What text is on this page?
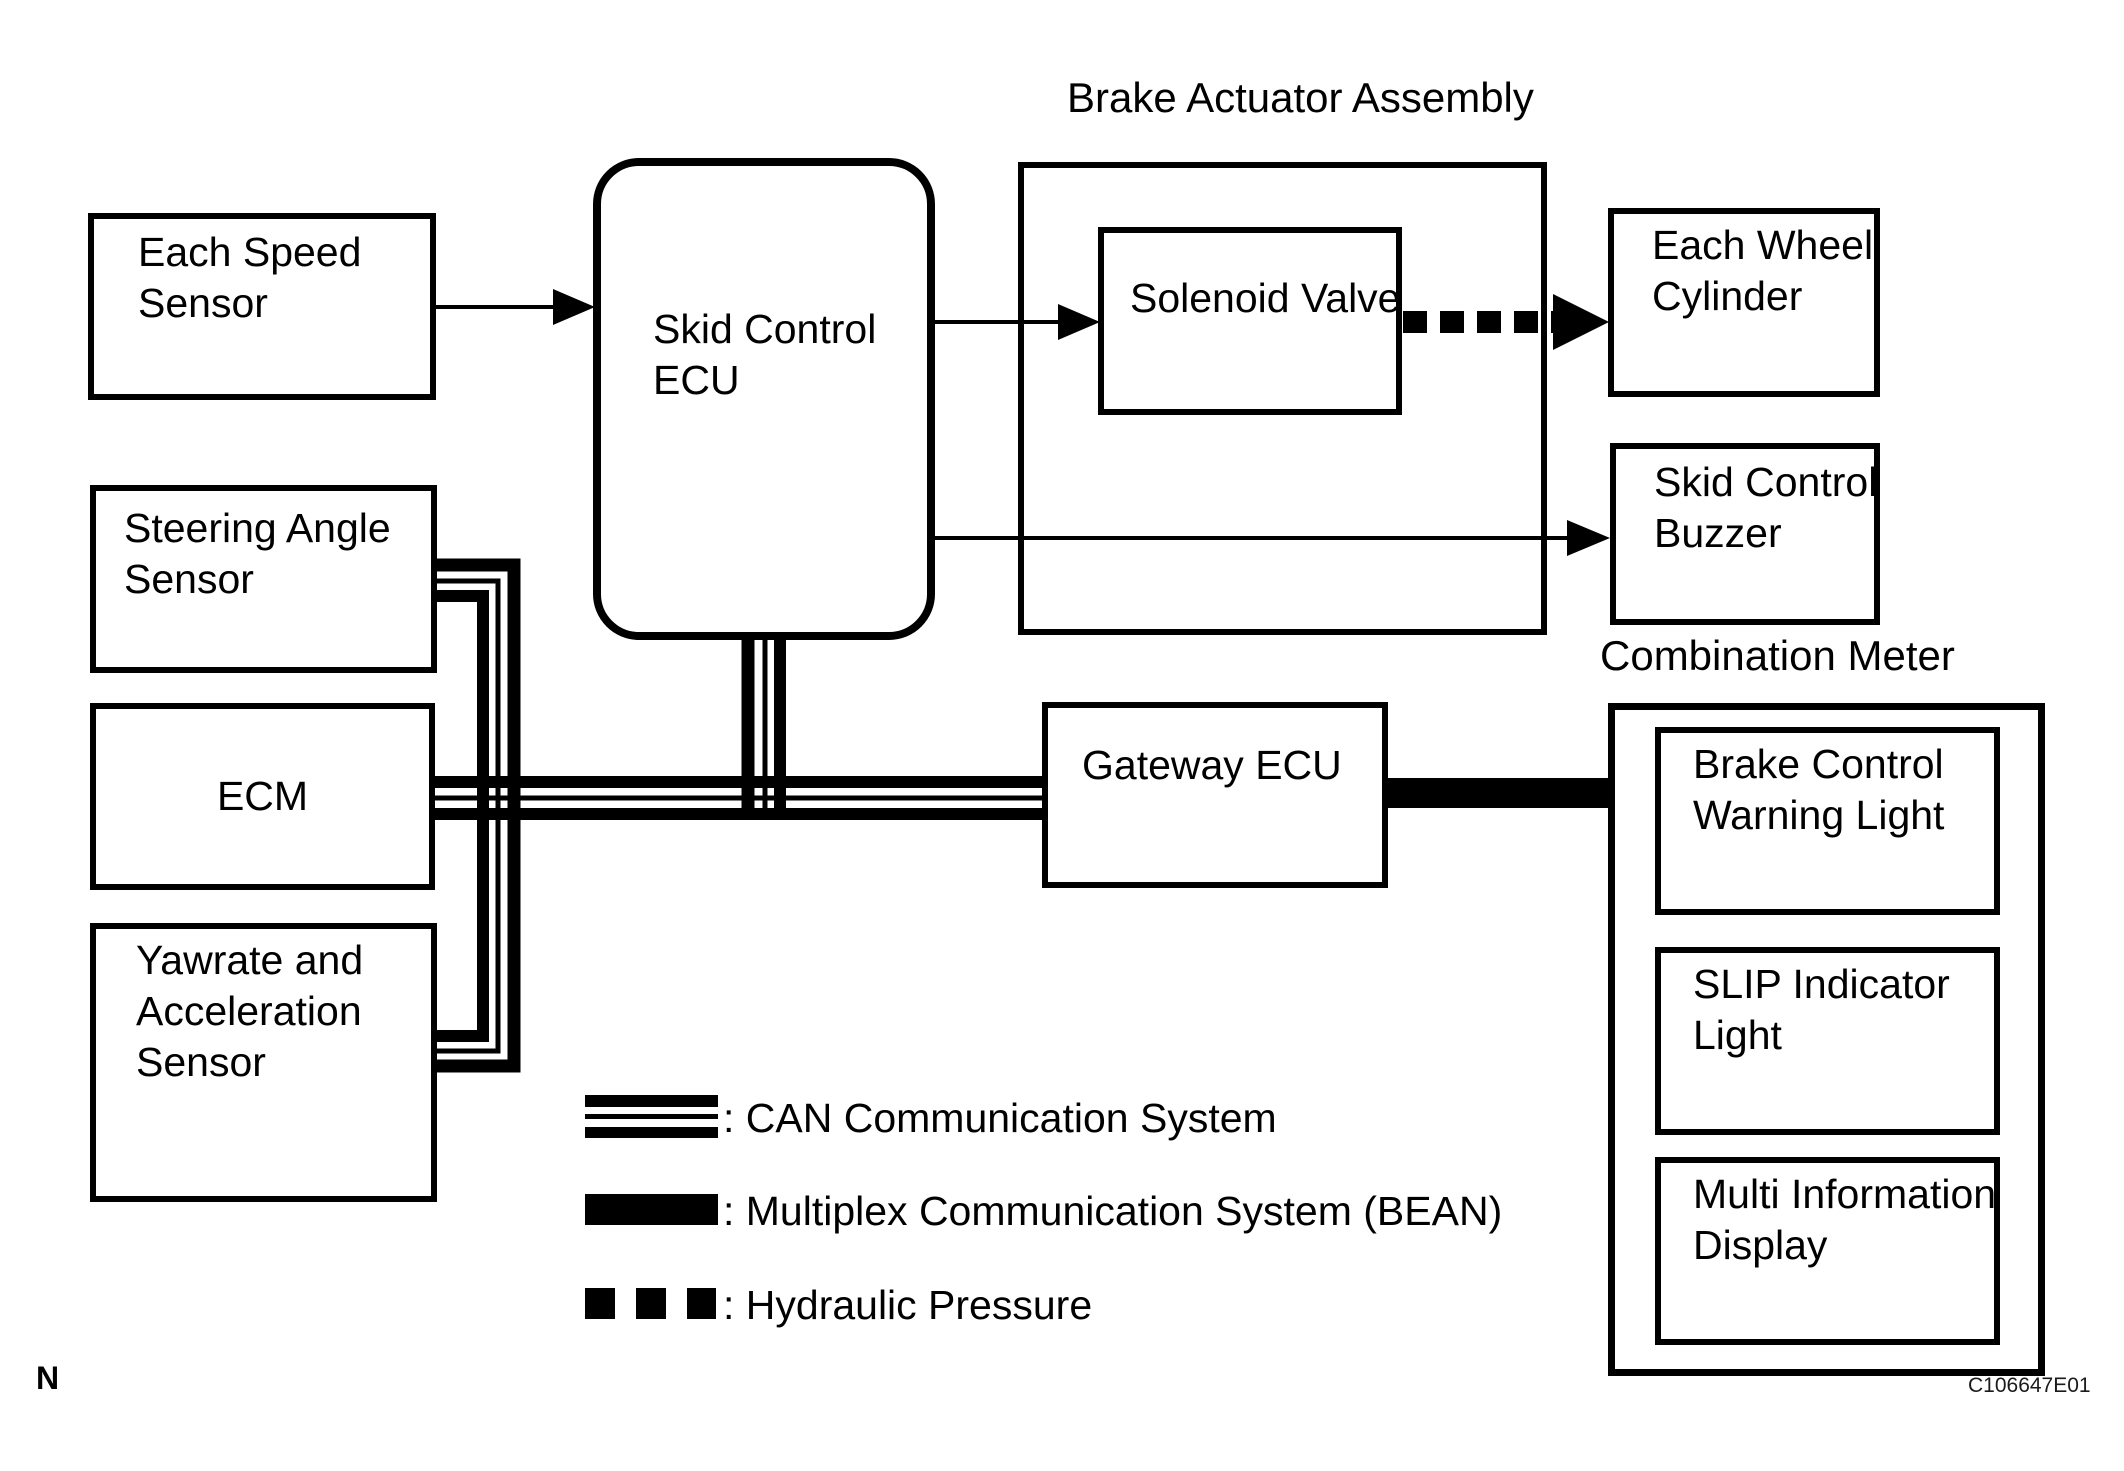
Brake Actuator Assembly
Each Speed
Sensor
Steering Angle
Sensor
ECM
Yawrate and
Acceleration
Sensor
Skid Control
ECU
Solenoid Valve
Each Wheel
Cylinder
Skid Control
Buzzer
Gateway ECU
Combination Meter
Brake Control
Warning Light
SLIP Indicator
Light
Multi Information
Display
: CAN Communication System
: Multiplex Communication System (BEAN)
: Hydraulic Pressure
N	C106647E01
